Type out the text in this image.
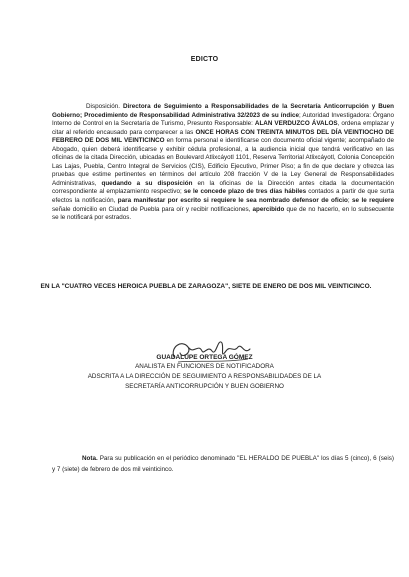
EDICTO
Disposición. Directora de Seguimiento a Responsabilidades de la Secretaría Anticorrupción y Buen Gobierno; Procedimiento de Responsabilidad Administrativa 32/2023 de su índice; Autoridad Investigadora: Órgano Interno de Control en la Secretaría de Turismo, Presunto Responsable: ALAN VERDUZCO ÁVALOS, ordena emplazar y citar al referido encausado para comparecer a las ONCE HORAS CON TREINTA MINUTOS DEL DÍA VEINTIOCHO DE FEBRERO DE DOS MIL VEINTICINCO en forma personal e identificarse con documento oficial vigente; acompañado de Abogado, quien deberá identificarse y exhibir cédula profesional, a la audiencia inicial que tendrá verificativo en las oficinas de la citada Dirección, ubicadas en Boulevard Atlixcáyotl 1101, Reserva Territorial Atlixcáyotl, Colonia Concepción Las Lajas, Puebla, Centro Integral de Servicios (CIS), Edificio Ejecutivo, Primer Piso; a fin de que declare y ofrezca las pruebas que estime pertinentes en términos del artículo 208 fracción V de la Ley General de Responsabilidades Administrativas, quedando a su disposición en la oficinas de la Dirección antes citada la documentación correspondiente al emplazamiento respectivo; se le concede plazo de tres días hábiles contados a partir de que surta efectos la notificación, para manifestar por escrito si requiere le sea nombrado defensor de oficio; se le requiere señale domicilio en Ciudad de Puebla para oír y recibir notificaciones, apercibido que de no hacerlo, en lo subsecuente se le notificará por estrados.
EN LA "CUATRO VECES HEROICA PUEBLA DE ZARAGOZA", SIETE DE ENERO DE DOS MIL VEINTICINCO.
GUADALUPE ORTEGA GÓMEZ
ANALISTA EN FUNCIONES DE NOTIFICADORA
ADSCRITA A LA DIRECCIÓN DE SEGUIMIENTO A RESPONSABILIDADES DE LA
SECRETARÍA ANTICORRUPCIÓN Y BUEN GOBIERNO
Nota. Para su publicación en el periódico denominado "EL HERALDO DE PUEBLA" los días 5 (cinco), 6 (seis) y 7 (siete) de febrero de dos mil veinticinco.
